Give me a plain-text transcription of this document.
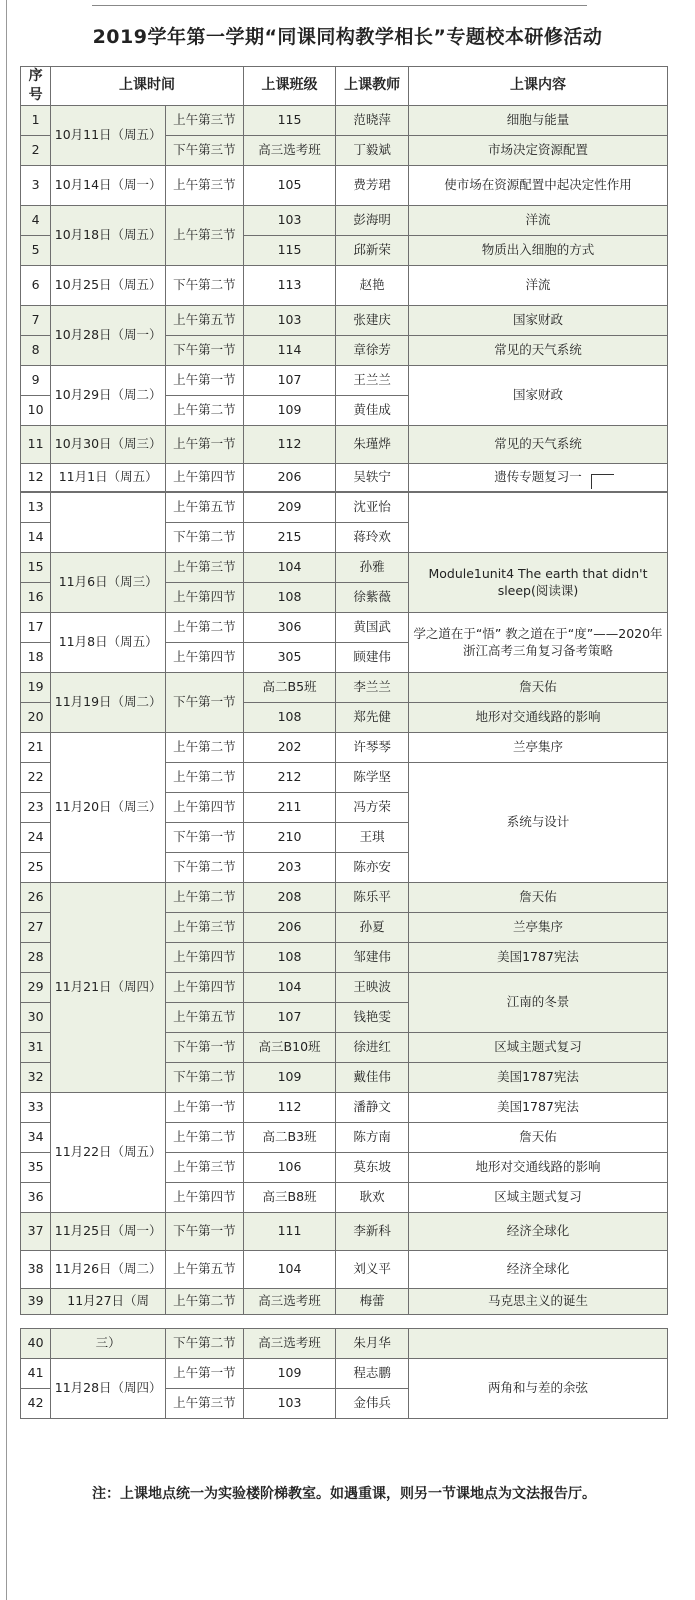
2019学年第一学期“同课同构教学相长”专题校本研修活动
序号	上课时间		上课班级	上课教师	上课内容
1	10月11日（周五）	上午第三节	115	范晓萍	细胞与能量
2		下午第三节	高三选考班	丁毅斌	市场决定资源配置
3	10月14日（周一）	上午第三节	105	费芳珺	使市场在资源配置中起决定性作用
4	10月18日（周五）	上午第三节	103	彭海明	洋流
5			115	邱新荣	物质出入细胞的方式
6	10月25日（周五）	下午第二节	113	赵艳	洋流
7	10月28日（周一）	上午第五节	103	张建庆	国家财政
8		下午第一节	114	章徐芳	常见的天气系统
9	10月29日（周二）	上午第一节	107	王兰兰	国家财政
10		上午第二节	109	黄佳成	
11	10月30日（周三）	上午第一节	112	朱瑾烨	常见的天气系统
12	11月1日（周五）	上午第四节	206	吴轶宁	遗传专题复习一
13		上午第五节	209	沈亚怡	
14		下午第二节	215	蒋玲欢	
15	11月6日（周三）	上午第三节	104	孙雅	Module1unit4 The earth that didn't sleep(阅读课)
16		上午第四节	108	徐紫薇	
17	11月8日（周五）	上午第二节	306	黄国武	学之道在于“悟” 教之道在于“度”——2020年浙江高考三角复习备考策略
18		上午第四节	305	顾建伟	
19	11月19日（周二）	下午第一节	高二B5班	李兰兰	詹天佑
20			108	郑先健	地形对交通线路的影响
21	11月20日（周三）	上午第二节	202	许琴琴	兰亭集序
22		上午第二节	212	陈学坚	系统与设计
23		上午第四节	211	冯方荣	
24		下午第一节	210	王琪	
25		下午第二节	203	陈亦安	
26	11月21日（周四）	上午第二节	208	陈乐平	詹天佑
27		上午第三节	206	孙夏	兰亭集序
28		上午第四节	108	邹建伟	美国1787宪法
29		上午第四节	104	王映波	江南的冬景
30		上午第五节	107	钱艳雯	
31		下午第一节	高三B10班	徐进红	区域主题式复习
32		下午第二节	109	戴佳伟	美国1787宪法
33	11月22日（周五）	上午第一节	112	潘静文	美国1787宪法
34		上午第二节	高二B3班	陈方南	詹天佑
35		上午第三节	106	莫东坡	地形对交通线路的影响
36		上午第四节	高三B8班	耿欢	区域主题式复习
37	11月25日（周一）	下午第一节	111	李新科	经济全球化
38	11月26日（周二）	上午第五节	104	刘义平	经济全球化
39	11月27日（周	上午第二节	高三选考班	梅蕾	马克思主义的诞生
40	三）	下午第二节	高三选考班	朱月华	
41	11月28日（周四）	上午第一节	109	程志鹏	两角和与差的余弦
42		上午第三节	103	金伟兵	
注：上课地点统一为实验楼阶梯教室。如遇重课，则另一节课地点为文法报告厅。
